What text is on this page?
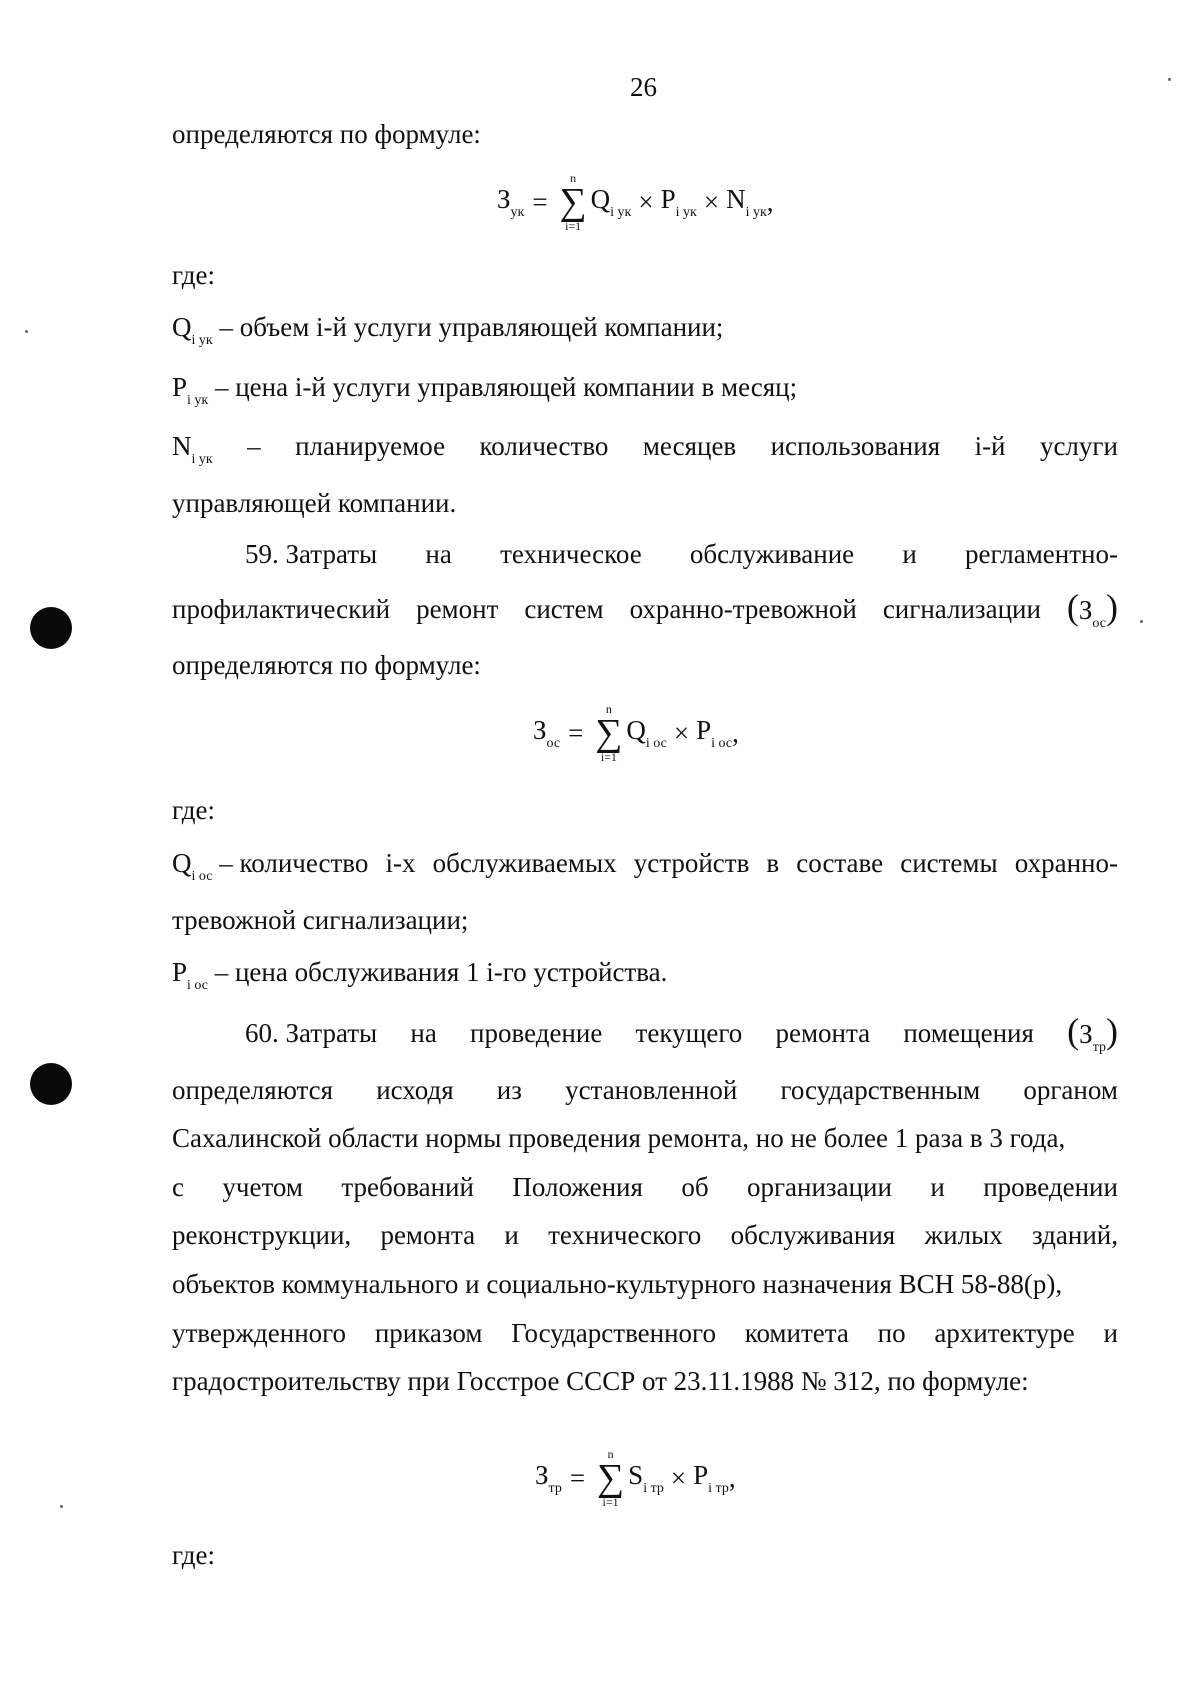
26
определяются по формуле:
$З_{ук}$ =
n
∑
i=1
$Q_{i ук} \times P_{i ук} \times N_{i ук}$ ,
где:
$Q_{i ук}$ – объем i-й услуги управляющей компании;
$P_{i ук}$ – цена i-й услуги управляющей компании в месяц;
$N_{i ук}$ – планируемое количество месяцев использования i-й услуги
управляющей компании.
59. Затраты на техническое обслуживание и регламентно-
профилактический ремонт систем охранно-тревожной сигнализации $(З_{ос})$
определяются по формуле:
$З_{ос}$ =
n
∑
i=1
$Q_{i ос} \times P_{i ос}$ ,
где:
$Q_{i ос}$ – количество i-х обслуживаемых устройств в составе системы охранно-
тревожной сигнализации;
$P_{i ос}$ – цена обслуживания 1 i-го устройства.
60. Затраты на проведение текущего ремонта помещения $(З_{тр})$
определяются исходя из установленной государственным органом
Сахалинской области нормы проведения ремонта, но не более 1 раза в 3 года,
с учетом требований Положения об организации и проведении
реконструкции, ремонта и технического обслуживания жилых зданий,
объектов коммунального и социально-культурного назначения ВСН 58-88(р),
утвержденного приказом Государственного комитета по архитектуре и
градостроительству при Госстрое СССР от 23.11.1988 № 312, по формуле:
$З_{тр}$ =
n
∑
i=1
$S_{i тр} \times P_{i тр}$ ,
где:
